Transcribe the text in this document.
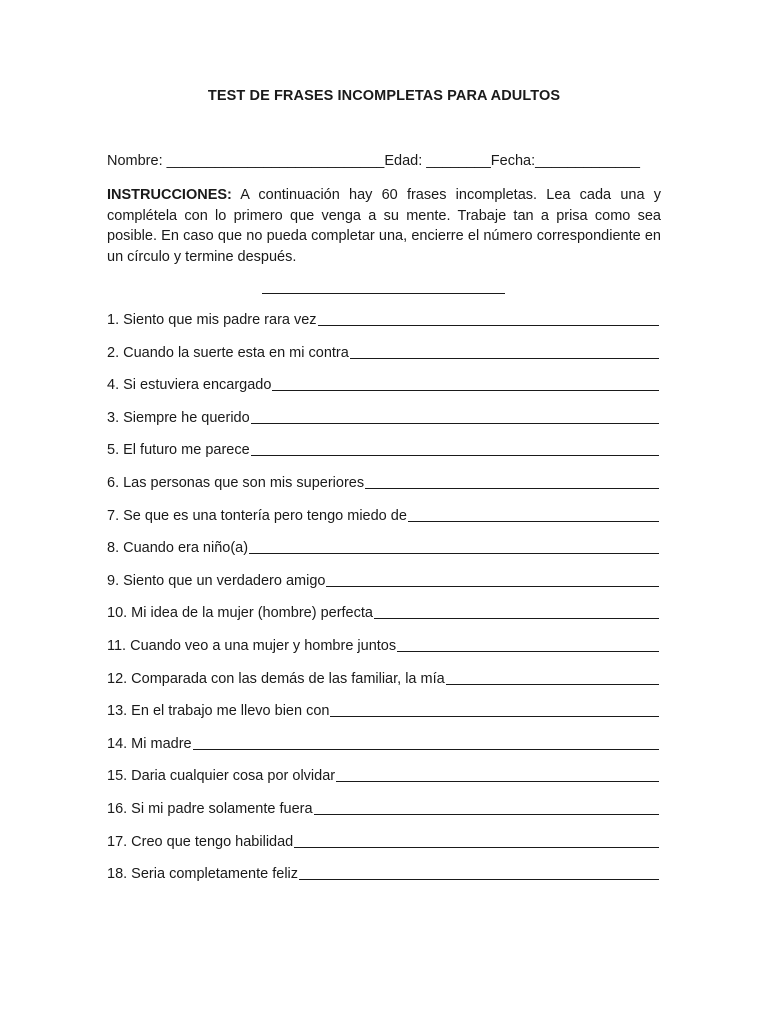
TEST DE FRASES INCOMPLETAS PARA ADULTOS
Nombre: ___________________________Edad: ________Fecha:_____________
INSTRUCCIONES: A continuación hay 60 frases incompletas. Lea cada una y complétela con lo primero que venga a su mente. Trabaje tan a prisa como sea posible. En caso que no pueda completar una, encierre el número correspondiente en un círculo y termine después.
1. Siento que mis padre rara vez
2. Cuando la suerte esta en mi contra
4. Si estuviera encargado
3. Siempre he querido
5. El futuro me parece
6. Las personas que son mis superiores
7. Se que es una tontería pero tengo miedo de
8. Cuando era niño(a)
9. Siento que un verdadero amigo
10. Mi idea de la mujer (hombre) perfecta
11. Cuando veo a una mujer y hombre juntos
12. Comparada con las demás de las familiar, la mía
13. En el trabajo me llevo bien con
14. Mi madre
15. Daria cualquier cosa por olvidar
16. Si mi padre solamente fuera
17. Creo que tengo habilidad
18. Seria completamente feliz
